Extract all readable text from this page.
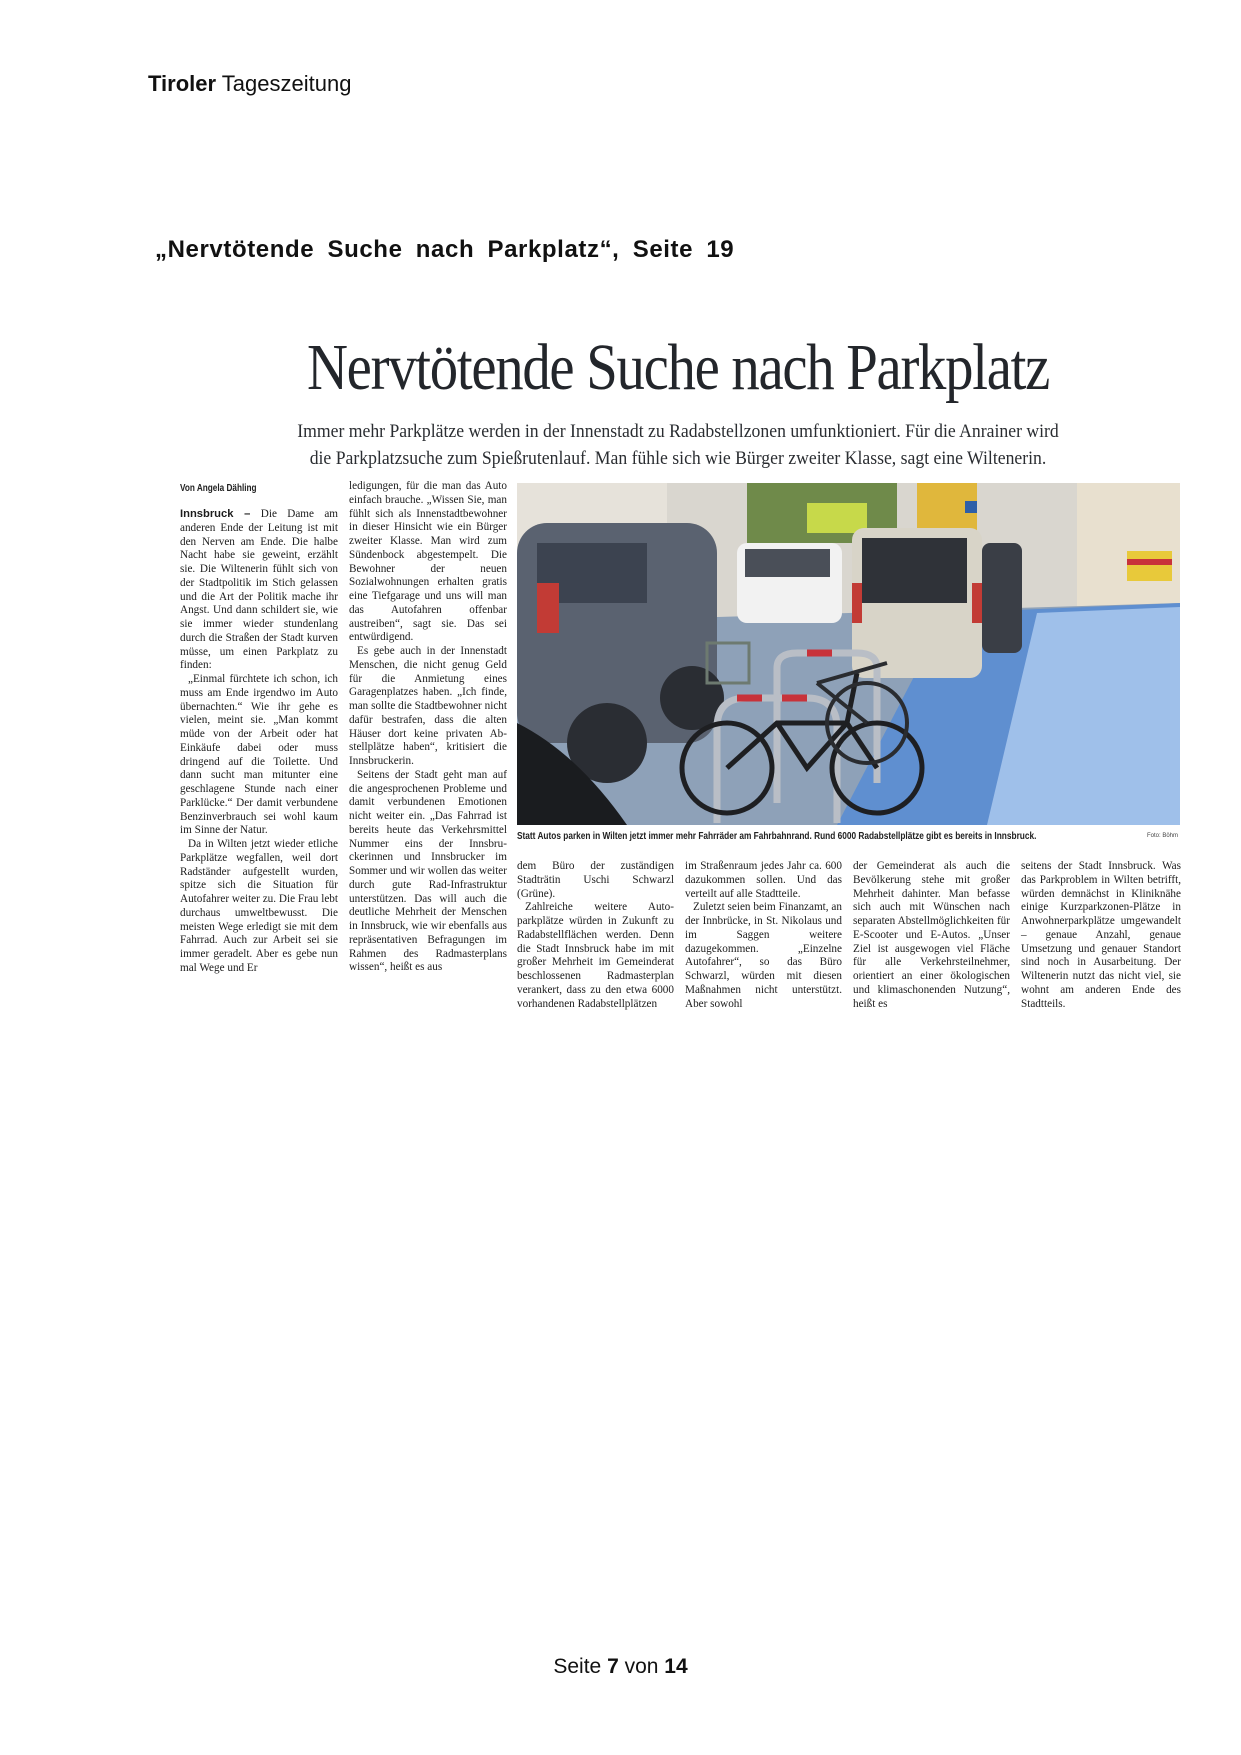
Tiroler Tageszeitung
„Nervtötende Suche nach Parkplatz“, Seite 19
Nervtötende Suche nach Parkplatz
Immer mehr Parkplätze werden in der Innenstadt zu Radabstellzonen umfunktioniert. Für die Anrainer wird
die Parkplatzsuche zum Spießrutenlauf. Man fühle sich wie Bürger zweiter Klasse, sagt eine Wiltenerin.
Von Angela Dähling

Innsbruck – Die Dame am anderen Ende der Leitung ist mit den Nerven am Ende. Die halbe Nacht habe sie geweint, erzählt sie. Die Wiltenerin fühlt sich von der Stadtpolitik im Stich gelassen und die Art der Politik mache ihr Angst. Und dann schildert sie, wie sie immer wieder stundenlang durch die Straßen der Stadt kurven müsse, um einen Parkplatz zu finden:

„Einmal fürchtete ich schon, ich muss am Ende irgendwo im Auto übernachten.“ Wie ihr gehe es vielen, meint sie. „Man kommt müde von der Arbeit oder hat Einkäufe dabei oder muss dringend auf die Toilette. Und dann sucht man mitunter eine geschlagene Stunde nach einer Parklücke.“ Der damit verbundene Benzinverbrauch sei wohl kaum im Sinne der Natur.

Da in Wilten jetzt wieder etliche Parkplätze wegfallen, weil dort Radständer aufgestellt wurden, spitze sich die Situation für Autofahrer weiter zu. Die Frau lebt durchaus umweltbewusst. Die meisten Wege erledigt sie mit dem Fahrrad. Auch zur Arbeit sei sie immer geradelt. Aber es gebe nun mal Wege und Er

ledigungen, für die man das Auto einfach brauche. „Wissen Sie, man fühlt sich als Innenstadtbewohner in dieser Hinsicht wie ein Bürger zweiter Klasse. Man wird zum Sündenbock abgestempelt. Die Bewohner der neuen Sozialwohnungen erhalten gratis eine Tiefgarage und uns will man das Autofahren offenbar austreiben“, sagt sie. Das sei entwürdigend.

Es gebe auch in der Innenstadt Menschen, die nicht genug Geld für die Anmietung eines Garagenplatzes haben. „Ich finde, man sollte die Stadtbewohner nicht dafür bestrafen, dass die alten Häuser dort keine privaten Abstellplätze haben“, kritisiert die Innsbruckerin.

Seitens der Stadt geht man auf die angesprochenen Probleme und damit verbundenen Emotionen nicht weiter ein. „Das Fahrrad ist bereits heute das Verkehrsmittel Nummer eins der Innsbruckerinnen und Innsbrucker im Sommer und wir wollen das weiter durch gute Rad-Infrastruktur unterstützen. Das will auch die deutliche Mehrheit der Menschen in Innsbruck, wie wir ebenfalls aus repräsentativen Befragungen im Rahmen des Radmasterplans wissen“, heißt es aus

Statt Autos parken in Wilten jetzt immer mehr Fahrräder am Fahrbahnrand. Rund 6000 Radabstellplätze gibt es bereits in Innsbruck.	Foto: Böhm

dem Büro der zuständigen Stadträtin Uschi Schwarzl (Grüne).

Zahlreiche weitere Autoparkplätze würden in Zukunft zu Radabstellflächen werden. Denn die Stadt Innsbruck habe im mit großer Mehrheit im Gemeinderat beschlossenen Radmasterplan verankert, dass zu den etwa 6000 vorhandenen Radabstellplätzen

im Straßenraum jedes Jahr ca. 600 dazukommen sollen. Und das verteilt auf alle Stadtteile.

Zuletzt seien beim Finanzamt, an der Innbrücke, in St. Nikolaus und im Saggen weitere dazugekommen. „Einzelne Autofahrer“, so das Büro Schwarzl, würden mit diesen Maßnahmen nicht unterstützt. Aber sowohl

der Gemeinderat als auch die Bevölkerung stehe mit großer Mehrheit dahinter. Man befasse sich auch mit Wünschen nach separaten Abstellmöglichkeiten für E-Scooter und E-Autos. „Unser Ziel ist ausgewogen viel Fläche für alle Verkehrsteilnehmer, orientiert an einer ökologischen und klimaschonenden Nutzung“, heißt es

seitens der Stadt Innsbruck. Was das Parkproblem in Wilten betrifft, würden demnächst in Kliniknähe einige Kurzparkzonen-Plätze in Anwohnerparkplätze umgewandelt – genaue Anzahl, genaue Umsetzung und genauer Standort sind noch in Ausarbeitung. Der Wiltenerin nutzt das nicht viel, sie wohnt am anderen Ende des Stadtteils.

Seite 7 von 14
